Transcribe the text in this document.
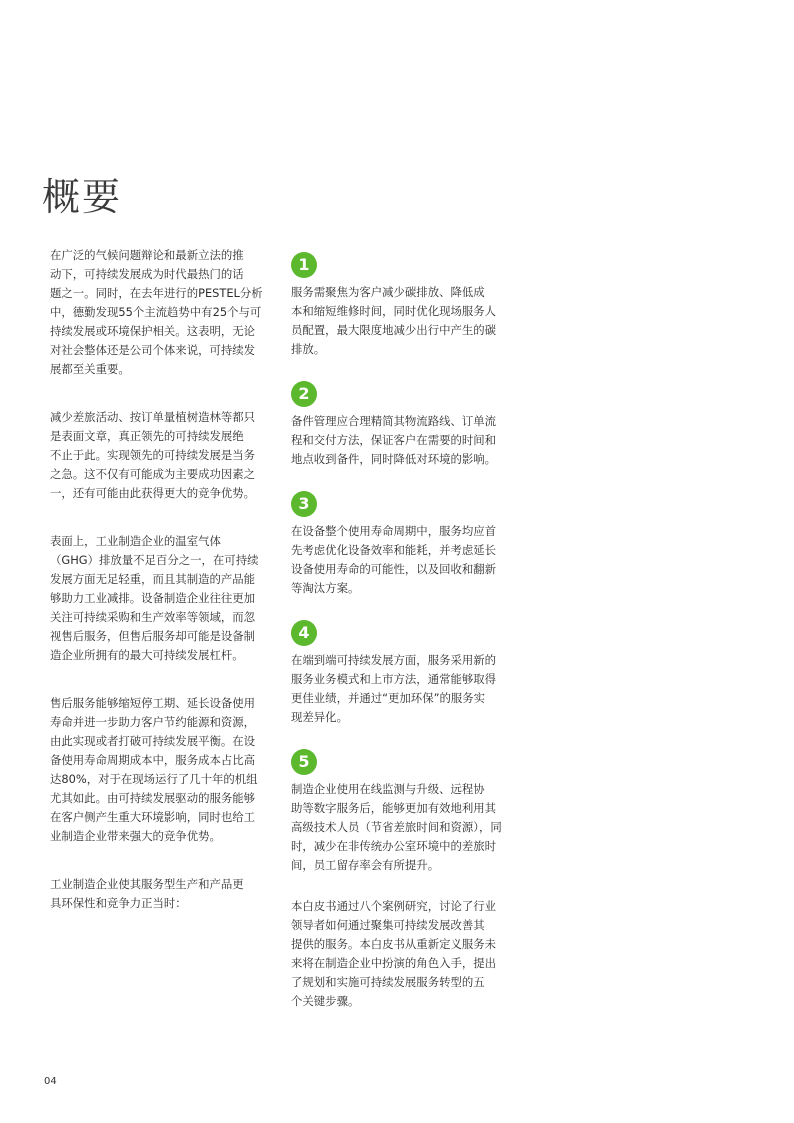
概要

在广泛的气候问题辩论和最新立法的推
动下，可持续发展成为时代最热门的话
题之一。同时，在去年进行的PESTEL分析
中，德勤发现55个主流趋势中有25个与可
持续发展或环境保护相关。这表明，无论
对社会整体还是公司个体来说，可持续发
展都至关重要。

减少差旅活动、按订单量植树造林等都只
是表面文章，真正领先的可持续发展绝
不止于此。实现领先的可持续发展是当务
之急。这不仅有可能成为主要成功因素之
一，还有可能由此获得更大的竞争优势。

表面上，工业制造企业的温室气体
（GHG）排放量不足百分之一，在可持续
发展方面无足轻重，而且其制造的产品能
够助力工业减排。设备制造企业往往更加
关注可持续采购和生产效率等领域，而忽
视售后服务，但售后服务却可能是设备制
造企业所拥有的最大可持续发展杠杆。

售后服务能够缩短停工期、延长设备使用
寿命并进一步助力客户节约能源和资源，
由此实现或者打破可持续发展平衡。在设
备使用寿命周期成本中，服务成本占比高
达80%，对于在现场运行了几十年的机组
尤其如此。由可持续发展驱动的服务能够
在客户侧产生重大环境影响，同时也给工
业制造企业带来强大的竞争优势。

工业制造企业使其服务型生产和产品更
具环保性和竞争力正当时：

1

服务需聚焦为客户减少碳排放、降低成
本和缩短维修时间，同时优化现场服务人
员配置，最大限度地减少出行中产生的碳
排放。

2

备件管理应合理精简其物流路线、订单流
程和交付方法，保证客户在需要的时间和
地点收到备件，同时降低对环境的影响。

3

在设备整个使用寿命周期中，服务均应首
先考虑优化设备效率和能耗，并考虑延长
设备使用寿命的可能性，以及回收和翻新
等淘汰方案。

4

在端到端可持续发展方面，服务采用新的
服务业务模式和上市方法，通常能够取得
更佳业绩，并通过“更加环保”的服务实
现差异化。

5

制造企业使用在线监测与升级、远程协
助等数字服务后，能够更加有效地利用其
高级技术人员（节省差旅时间和资源），同
时，减少在非传统办公室环境中的差旅时
间，员工留存率会有所提升。

本白皮书通过八个案例研究，讨论了行业
领导者如何通过聚集可持续发展改善其
提供的服务。本白皮书从重新定义服务未
来将在制造企业中扮演的角色入手，提出
了规划和实施可持续发展服务转型的五
个关键步骤。

04
